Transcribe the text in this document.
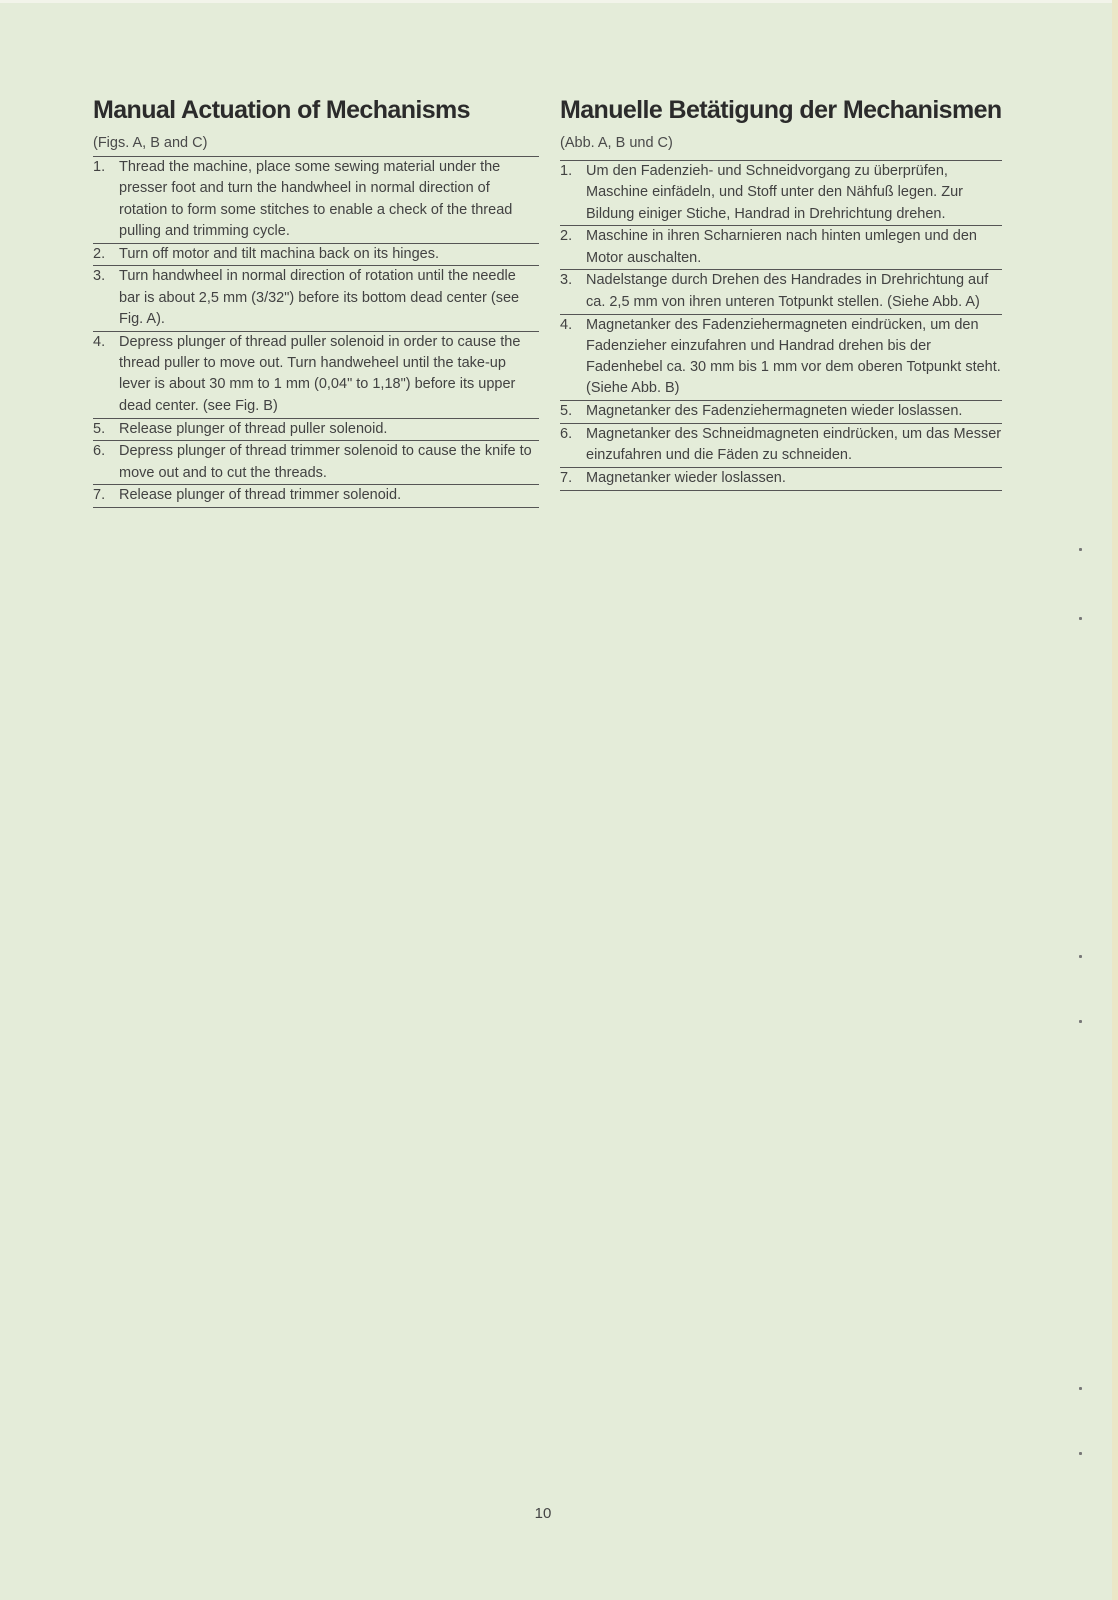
Manual Actuation of Mechanisms
(Figs. A, B and C)
1. Thread the machine, place some sewing material under the presser foot and turn the handwheel in normal direction of rotation to form some stitches to enable a check of the thread pulling and trimming cycle.
2. Turn off motor and tilt machina back on its hinges.
3. Turn handwheel in normal direction of rotation until the needle bar is about 2,5 mm (3/32") before its bottom dead center (see Fig. A).
4. Depress plunger of thread puller solenoid in order to cause the thread puller to move out. Turn handweheel until the take-up lever is about 30 mm to 1 mm (0,04" to 1,18") before its upper dead center. (see Fig. B)
5. Release plunger of thread puller solenoid.
6. Depress plunger of thread trimmer solenoid to cause the knife to move out and to cut the threads.
7. Release plunger of thread trimmer solenoid.
Manuelle Betätigung der Mechanismen (Abb. A, B und C)
1. Um den Fadenzieh- und Schneidvorgang zu überprüfen, Maschine einfädeln, und Stoff unter den Nähfuß legen. Zur Bildung einiger Stiche, Handrad in Drehrichtung drehen.
2. Maschine in ihren Scharnieren nach hinten umlegen und den Motor auschalten.
3. Nadelstange durch Drehen des Handrades in Drehrichtung auf ca. 2,5 mm von ihren unteren Totpunkt stellen. (Siehe Abb. A)
4. Magnetanker des Fadenziehermagneten eindrücken, um den Fadenzieher einzufahren und Handrad drehen bis der Fadenhebel ca. 30 mm bis 1 mm vor dem oberen Totpunkt steht. (Siehe Abb. B)
5. Magnetanker des Fadenziehermagneten wieder loslassen.
6. Magnetanker des Schneidmagneten eindrücken, um das Messer einzufahren und die Fäden zu schneiden.
7. Magnetanker wieder loslassen.
10
